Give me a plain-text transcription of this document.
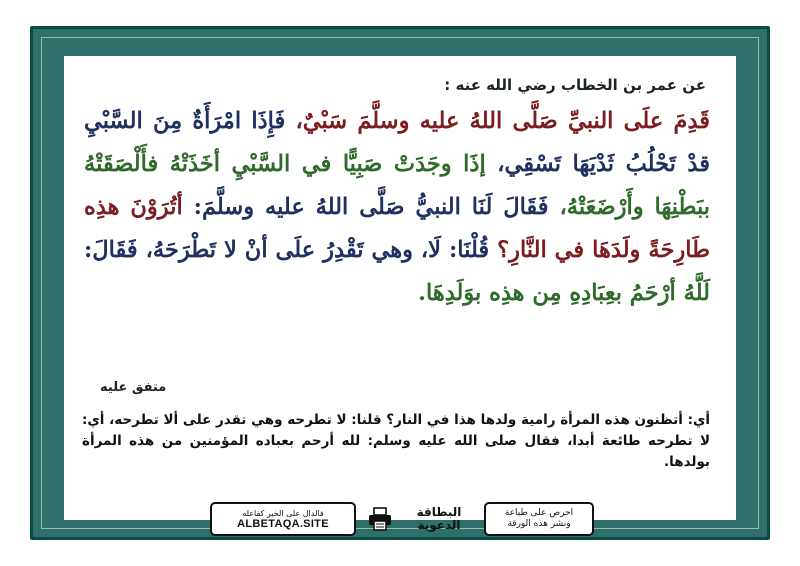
عن عمر بن الخطاب رضي الله عنه :
قَدِمَ علَى النبيِّ صَلَّى اللهُ عليه وسلَّمَ سَبْيٌ، فَإِذَا امْرَأَةٌ مِنَ السَّبْيِ قدْ تَحْلُبُ ثَدْيَهَا تَسْقِي، إذَا وجَدَتْ صَبِيًّا في السَّبْيِ أخَذَتْهُ فأَلْصَقَتْهُ ببَطْنِهَا وأَرْضَعَتْهُ، فَقَالَ لَنَا النبيُّ صَلَّى اللهُ عليه وسلَّمَ: أتُرَوْنَ هذِه طَارِحَةً ولَدَهَا في النَّارِ؟ قُلْنَا: لَا، وهي تَقْدِرُ علَى أنْ لا تَطْرَحَهُ، فَقَالَ: لَلَّهُ أرْحَمُ بعِبَادِهِ مِن هذِه بوَلَدِهَا.
متفق عليه
أي: أتظنون هذه المرأة رامية ولدها هذا في النار؟ قلنا: لا تطرحه وهي تقدر على ألا تطرحه، أي: لا تطرحه طائعة أبدا، فقال صلى الله عليه وسلم: لله أرحم بعباده المؤمنين من هذه المرأة بولدها.
فالدال على الخير كفاعله
ALBETAQA.SITE
البطاقة
الدعوية
احرص على طباعة
ونشر هذه الورقة
